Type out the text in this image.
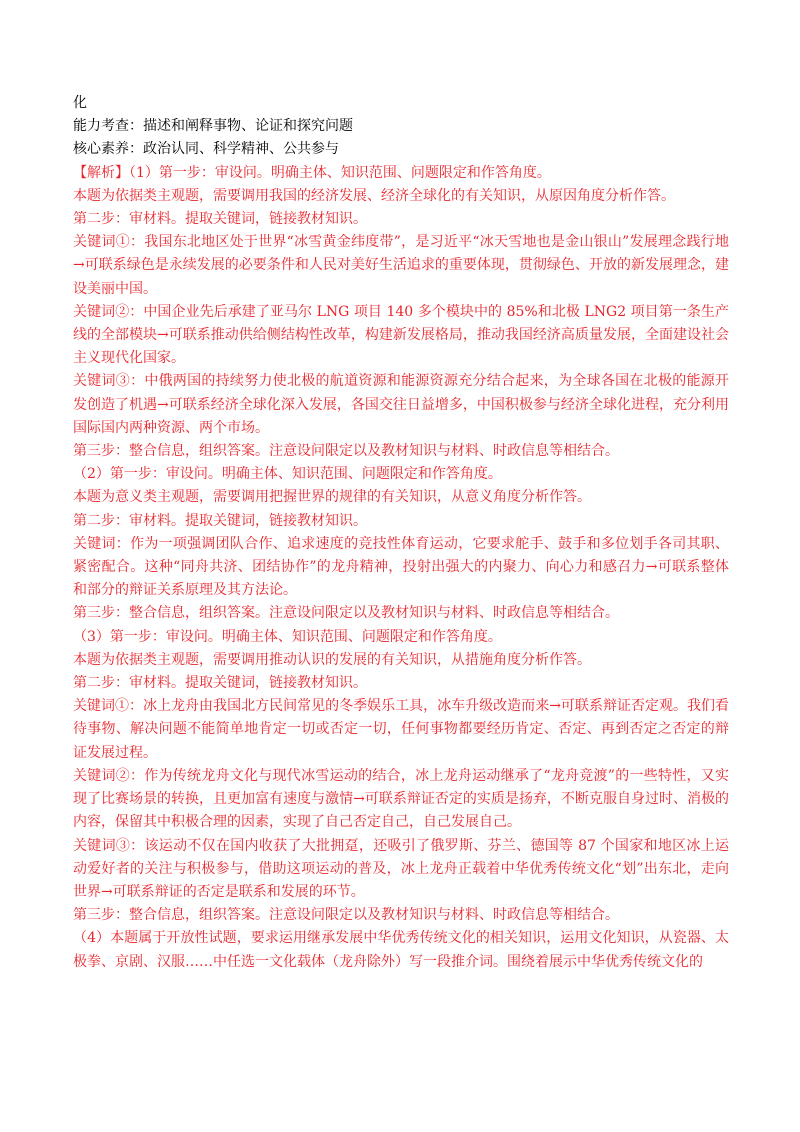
化

能力考查：描述和阐释事物、论证和探究问题

核心素养：政治认同、科学精神、公共参与

【解析】（1）第一步：审设问。明确主体、知识范围、问题限定和作答角度。

本题为依据类主观题，需要调用我国的经济发展、经济全球化的有关知识，从原因角度分析作答。

第二步：审材料。提取关键词，链接教材知识。

关键词①：我国东北地区处于世界“冰雪黄金纬度带”，是习近平“冰天雪地也是金山银山”发展理念践行地→可联系绿色是永续发展的必要条件和人民对美好生活追求的重要体现，贯彻绿色、开放的新发展理念，建设美丽中国。

关键词②：中国企业先后承建了亚马尔 LNG 项目 140 多个模块中的 85%和北极 LNG2 项目第一条生产线的全部模块→可联系推动供给侧结构性改革，构建新发展格局，推动我国经济高质量发展，全面建设社会主义现代化国家。

关键词③：中俄两国的持续努力使北极的航道资源和能源资源充分结合起来，为全球各国在北极的能源开发创造了机遇→可联系经济全球化深入发展，各国交往日益增多，中国积极参与经济全球化进程，充分利用国际国内两种资源、两个市场。

第三步：整合信息，组织答案。注意设问限定以及教材知识与材料、时政信息等相结合。

（2）第一步：审设问。明确主体、知识范围、问题限定和作答角度。

本题为意义类主观题，需要调用把握世界的规律的有关知识，从意义角度分析作答。

第二步：审材料。提取关键词，链接教材知识。

关键词：作为一项强调团队合作、追求速度的竞技性体育运动，它要求舵手、鼓手和多位划手各司其职、紧密配合。这种“同舟共济、团结协作”的龙舟精神，投射出强大的内聚力、向心力和感召力→可联系整体和部分的辩证关系原理及其方法论。

第三步：整合信息，组织答案。注意设问限定以及教材知识与材料、时政信息等相结合。

（3）第一步：审设问。明确主体、知识范围、问题限定和作答角度。

本题为依据类主观题，需要调用推动认识的发展的有关知识，从措施角度分析作答。

第二步：审材料。提取关键词，链接教材知识。

关键词①：冰上龙舟由我国北方民间常见的冬季娱乐工具，冰车升级改造而来→可联系辩证否定观。我们看待事物、解决问题不能简单地肯定一切或否定一切，任何事物都要经历肯定、否定、再到否定之否定的辩证发展过程。

关键词②：作为传统龙舟文化与现代冰雪运动的结合，冰上龙舟运动继承了“龙舟竞渡”的一些特性，又实现了比赛场景的转换，且更加富有速度与激情→可联系辩证否定的实质是扬弃，不断克服自身过时、消极的内容，保留其中积极合理的因素，实现了自己否定自己，自己发展自己。

关键词③：该运动不仅在国内收获了大批拥趸，还吸引了俄罗斯、芬兰、德国等 87 个国家和地区冰上运动爱好者的关注与积极参与，借助这项运动的普及，冰上龙舟正载着中华优秀传统文化“划”出东北，走向世界→可联系辩证的否定是联系和发展的环节。

第三步：整合信息，组织答案。注意设问限定以及教材知识与材料、时政信息等相结合。

（4）本题属于开放性试题，要求运用继承发展中华优秀传统文化的相关知识，运用文化知识，从瓷器、太极拳、京剧、汉服……中任选一文化载体（龙舟除外）写一段推介词。围绕着展示中华优秀传统文化的
